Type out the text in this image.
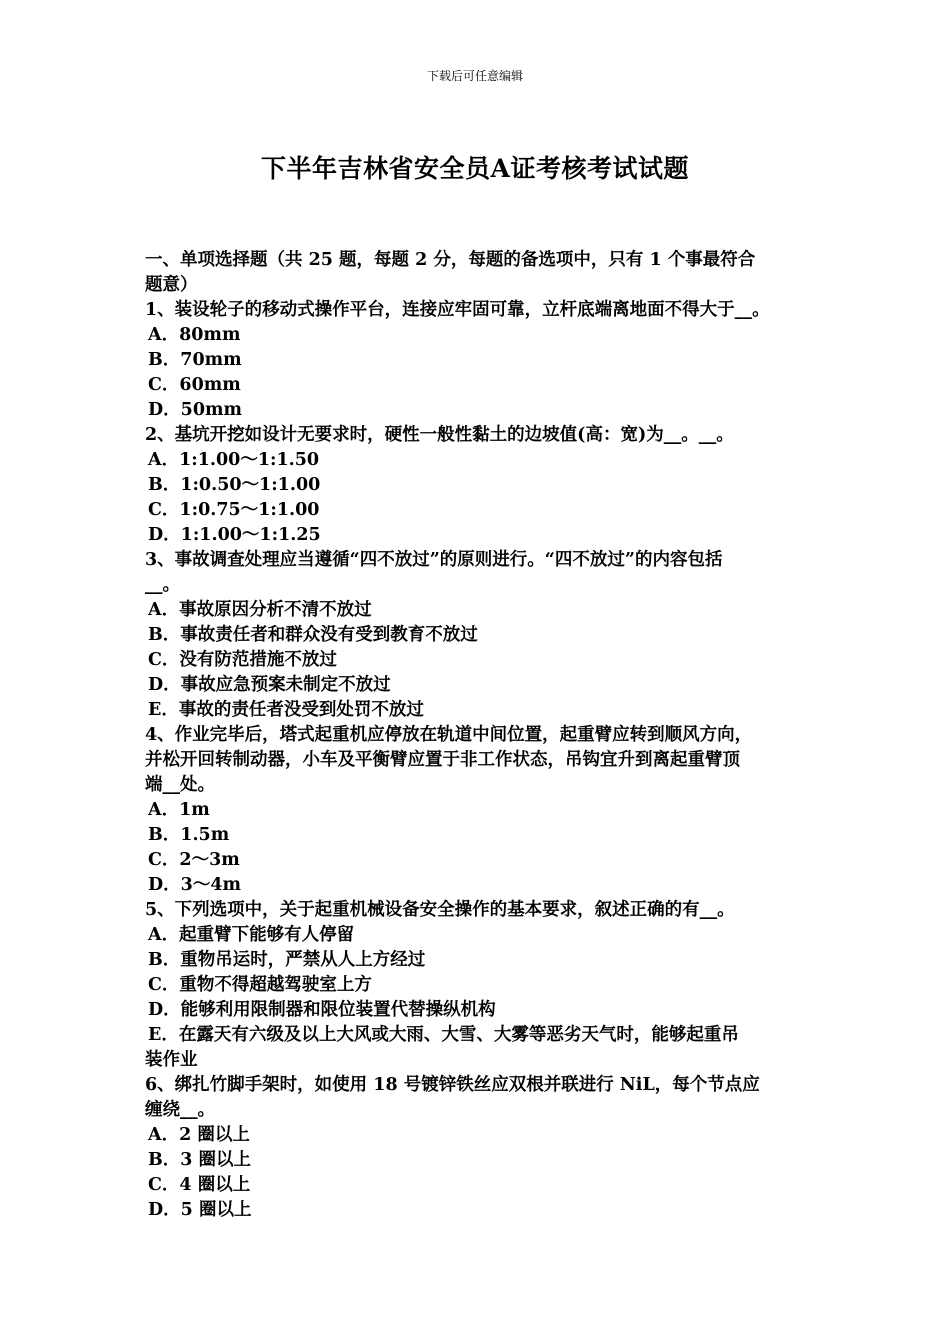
下载后可任意编辑
下半年吉林省安全员A证考核考试试题
一、单项选择题（共 25 题，每题 2 分，每题的备选项中，只有 1 个事最符合
题意）
1、装设轮子的移动式操作平台，连接应牢固可靠，立杆底端离地面不得大于__。
A．80mm
B．70mm
C．60mm
D．50mm
2、基坑开挖如设计无要求时，硬性一般性黏土的边坡值(高：宽)为__。__。
A．1:1.00～1:1.50
B．1:0.50～1:1.00
C．1:0.75～1:1.00
D．1:1.00～1:1.25
3、事故调查处理应当遵循“四不放过”的原则进行。“四不放过”的内容包括
__。
A．事故原因分析不清不放过
B．事故责任者和群众没有受到教育不放过
C．没有防范措施不放过
D．事故应急预案未制定不放过
E．事故的责任者没受到处罚不放过
4、作业完毕后，塔式起重机应停放在轨道中间位置，起重臂应转到顺风方向，
并松开回转制动器，小车及平衡臂应置于非工作状态，吊钩宜升到离起重臂顶
端__处。
A．1m
B．1.5m
C．2～3m
D．3～4m
5、下列选项中，关于起重机械设备安全操作的基本要求，叙述正确的有__。
A．起重臂下能够有人停留
B．重物吊运时，严禁从人上方经过
C．重物不得超越驾驶室上方
D．能够利用限制器和限位装置代替操纵机构
E．在露天有六级及以上大风或大雨、大雪、大雾等恶劣天气时，能够起重吊
装作业
6、绑扎竹脚手架时，如使用 18 号镀锌铁丝应双根并联进行 NiL，每个节点应
缠绕__。
A．2 圈以上
B．3 圈以上
C．4 圈以上
D．5 圈以上
